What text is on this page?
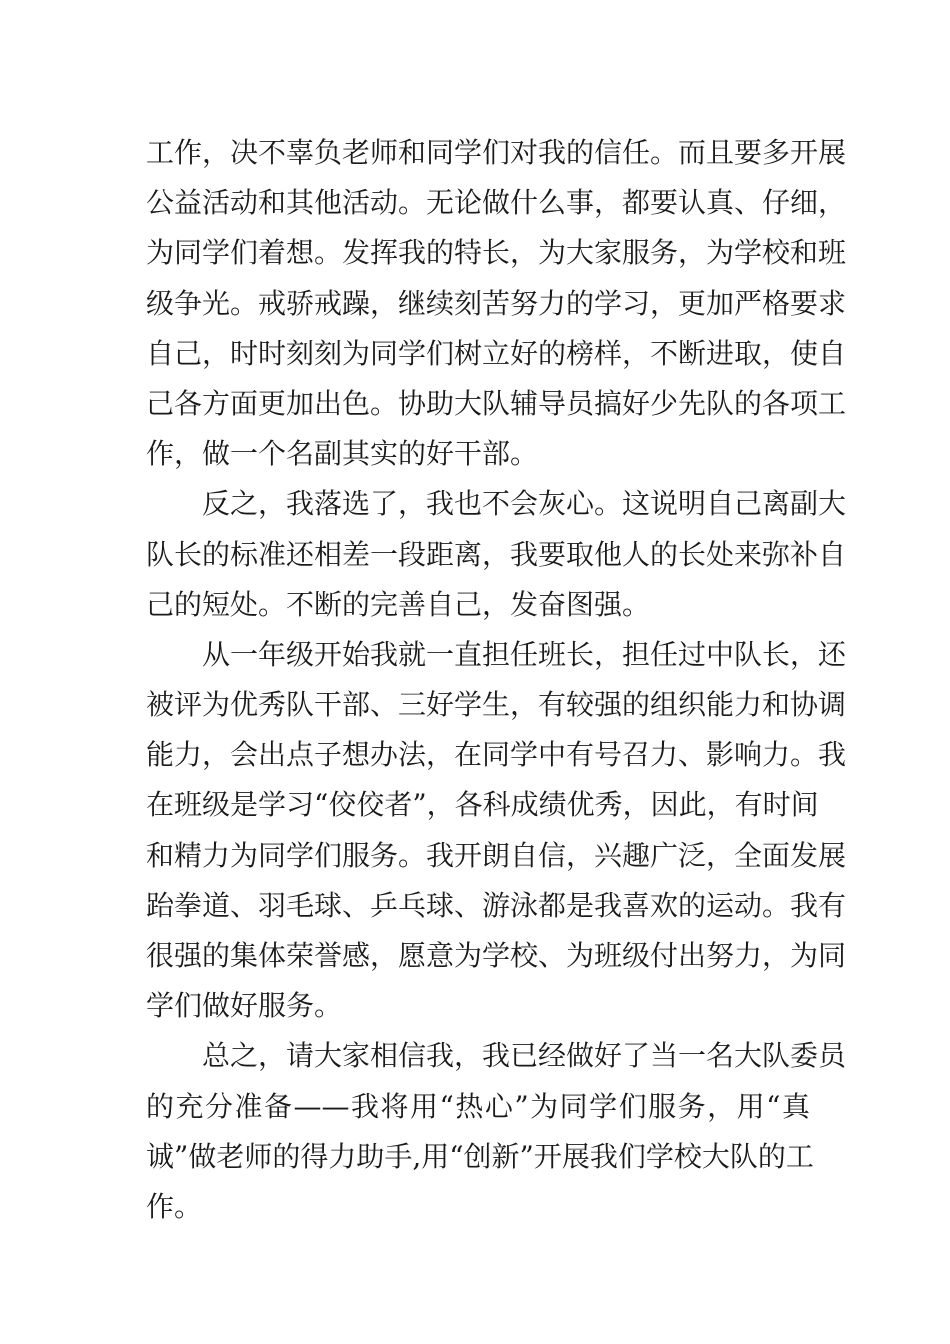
工作，决不辜负老师和同学们对我的信任。而且要多开展
公益活动和其他活动。无论做什么事，都要认真、仔细，
为同学们着想。发挥我的特长，为大家服务，为学校和班
级争光。戒骄戒躁，继续刻苦努力的学习，更加严格要求
自己，时时刻刻为同学们树立好的榜样，不断进取，使自
己各方面更加出色。协助大队辅导员搞好少先队的各项工
作，做一个名副其实的好干部。
反之，我落选了，我也不会灰心。这说明自己离副大
队长的标准还相差一段距离，我要取他人的长处来弥补自
己的短处。不断的完善自己，发奋图强。
从一年级开始我就一直担任班长，担任过中队长，还
被评为优秀队干部、三好学生，有较强的组织能力和协调
能力，会出点子想办法，在同学中有号召力、影响力。我
在班级是学习“佼佼者”，各科成绩优秀，因此，有时间
和精力为同学们服务。我开朗自信，兴趣广泛，全面发展
跆拳道、羽毛球、乒乓球、游泳都是我喜欢的运动。我有
很强的集体荣誉感，愿意为学校、为班级付出努力，为同
学们做好服务。
总之，请大家相信我，我已经做好了当一名大队委员
的充分准备——我将用“热心”为同学们服务，用“真
诚”做老师的得力助手,用“创新”开展我们学校大队的工
作。
